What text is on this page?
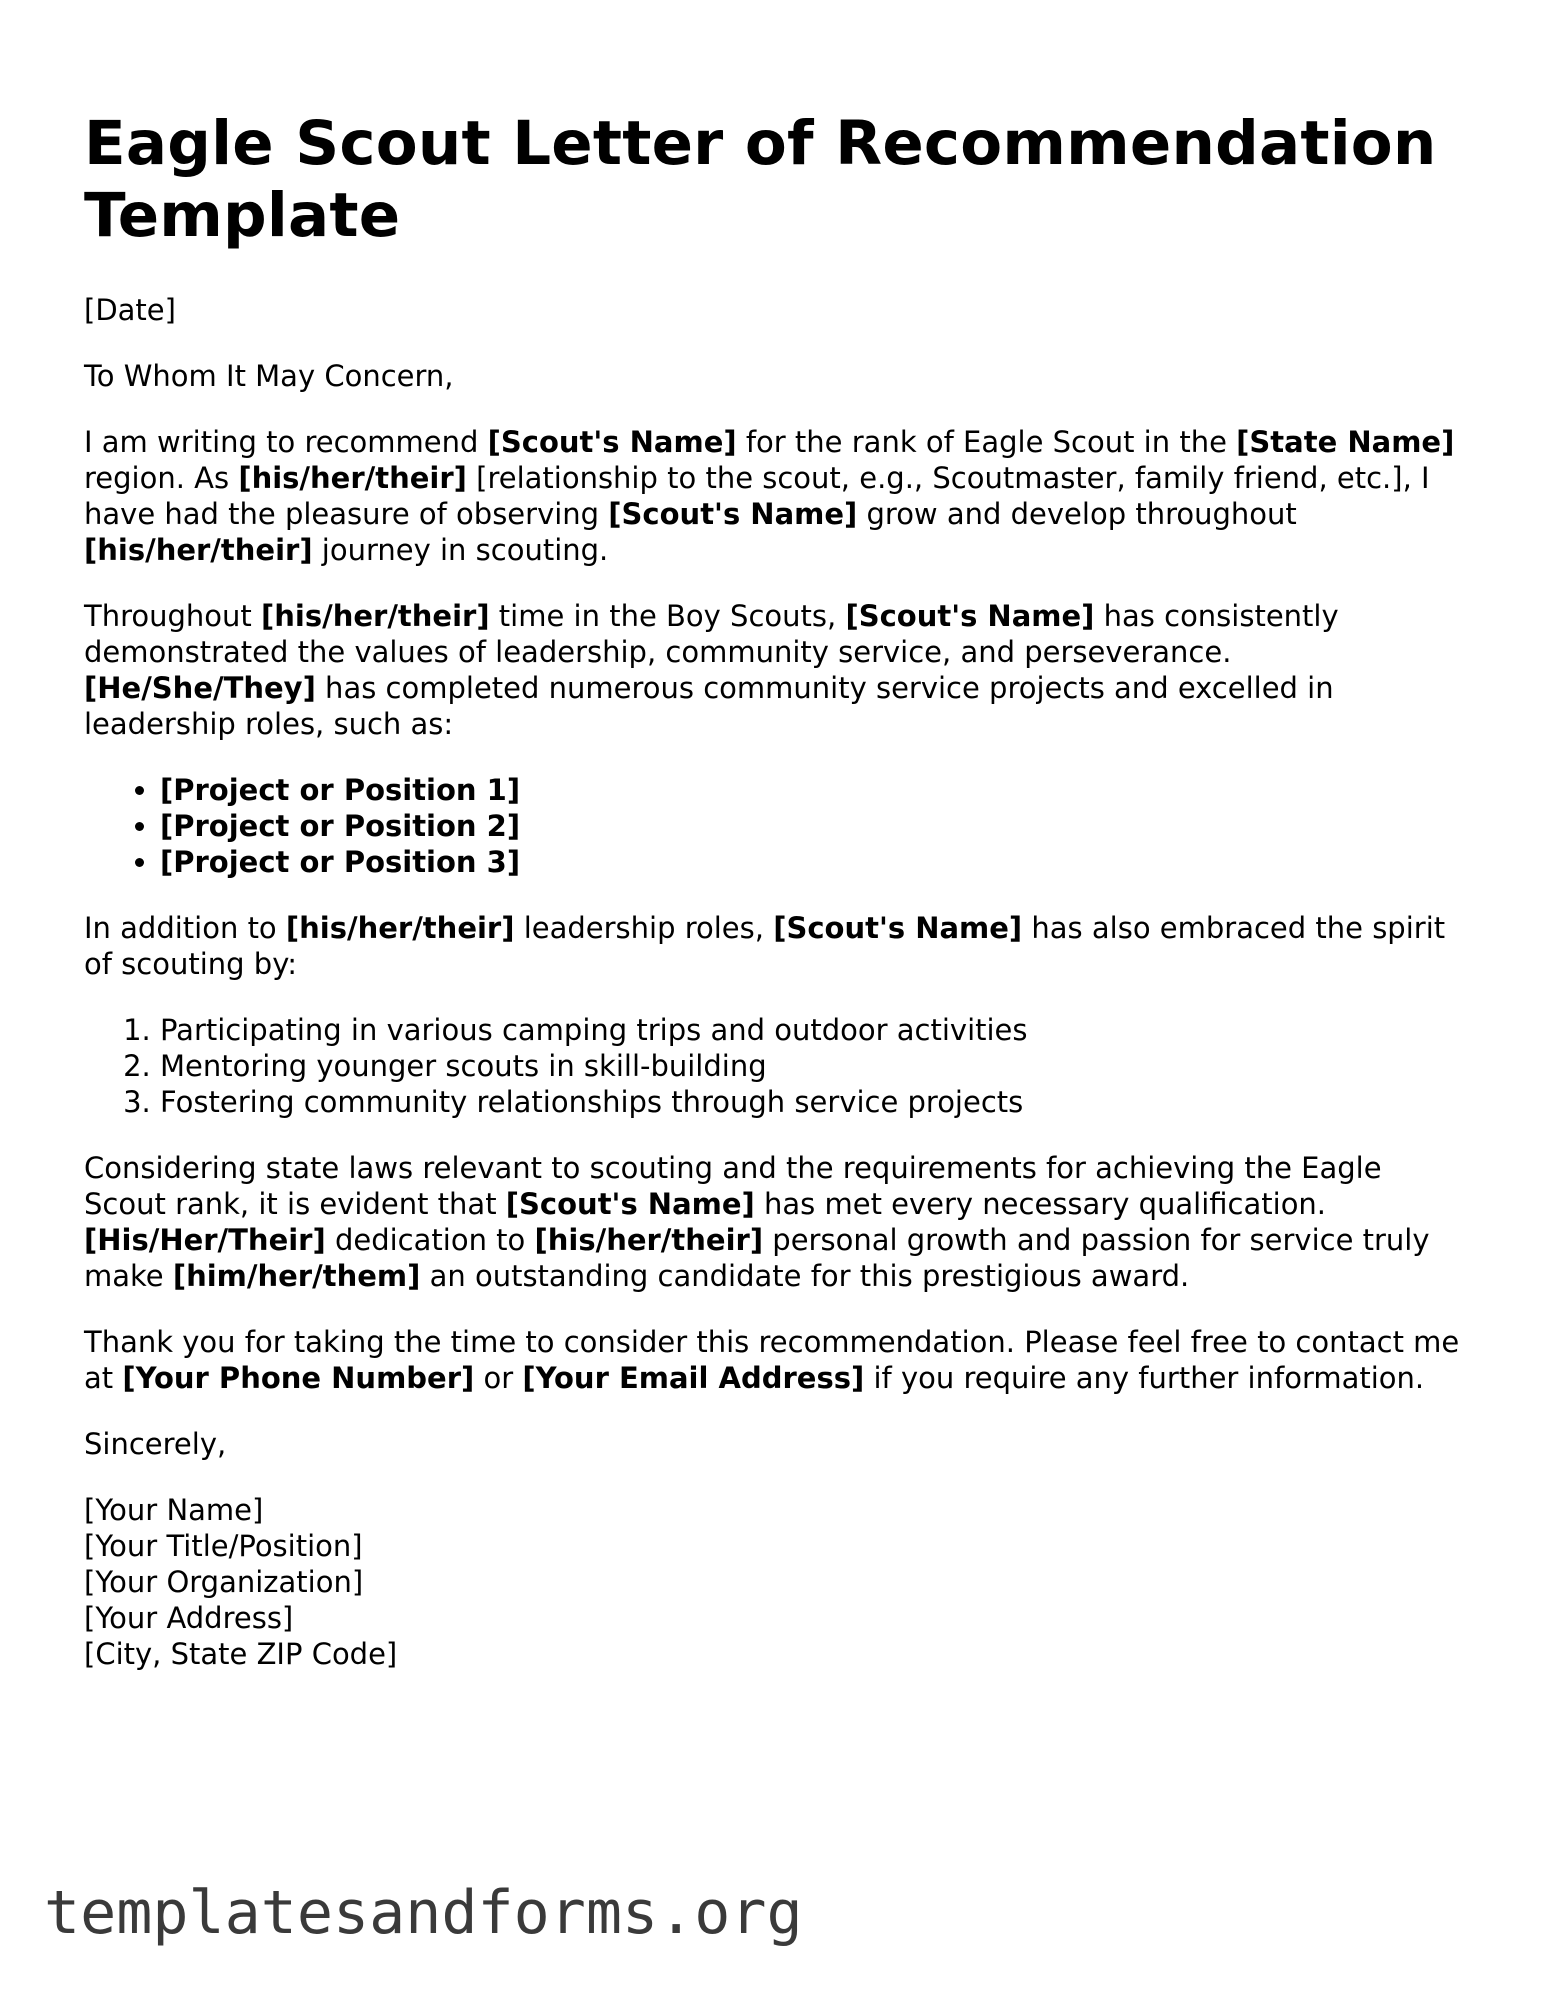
Eagle Scout Letter of Recommendation Template

[Date]

To Whom It May Concern,

I am writing to recommend [Scout's Name] for the rank of Eagle Scout in the [State Name] region. As [his/her/their] [relationship to the scout, e.g., Scoutmaster, family friend, etc.], I have had the pleasure of observing [Scout's Name] grow and develop throughout [his/her/their] journey in scouting.

Throughout [his/her/their] time in the Boy Scouts, [Scout's Name] has consistently demonstrated the values of leadership, community service, and perseverance. [He/She/They] has completed numerous community service projects and excelled in leadership roles, such as:

• [Project or Position 1]
• [Project or Position 2]
• [Project or Position 3]

In addition to [his/her/their] leadership roles, [Scout's Name] has also embraced the spirit of scouting by:

1. Participating in various camping trips and outdoor activities
2. Mentoring younger scouts in skill-building
3. Fostering community relationships through service projects

Considering state laws relevant to scouting and the requirements for achieving the Eagle Scout rank, it is evident that [Scout's Name] has met every necessary qualification. [His/Her/Their] dedication to [his/her/their] personal growth and passion for service truly make [him/her/them] an outstanding candidate for this prestigious award.

Thank you for taking the time to consider this recommendation. Please feel free to contact me at [Your Phone Number] or [Your Email Address] if you require any further information.

Sincerely,

[Your Name]
[Your Title/Position]
[Your Organization]
[Your Address]
[City, State ZIP Code]
templatesandforms.org
